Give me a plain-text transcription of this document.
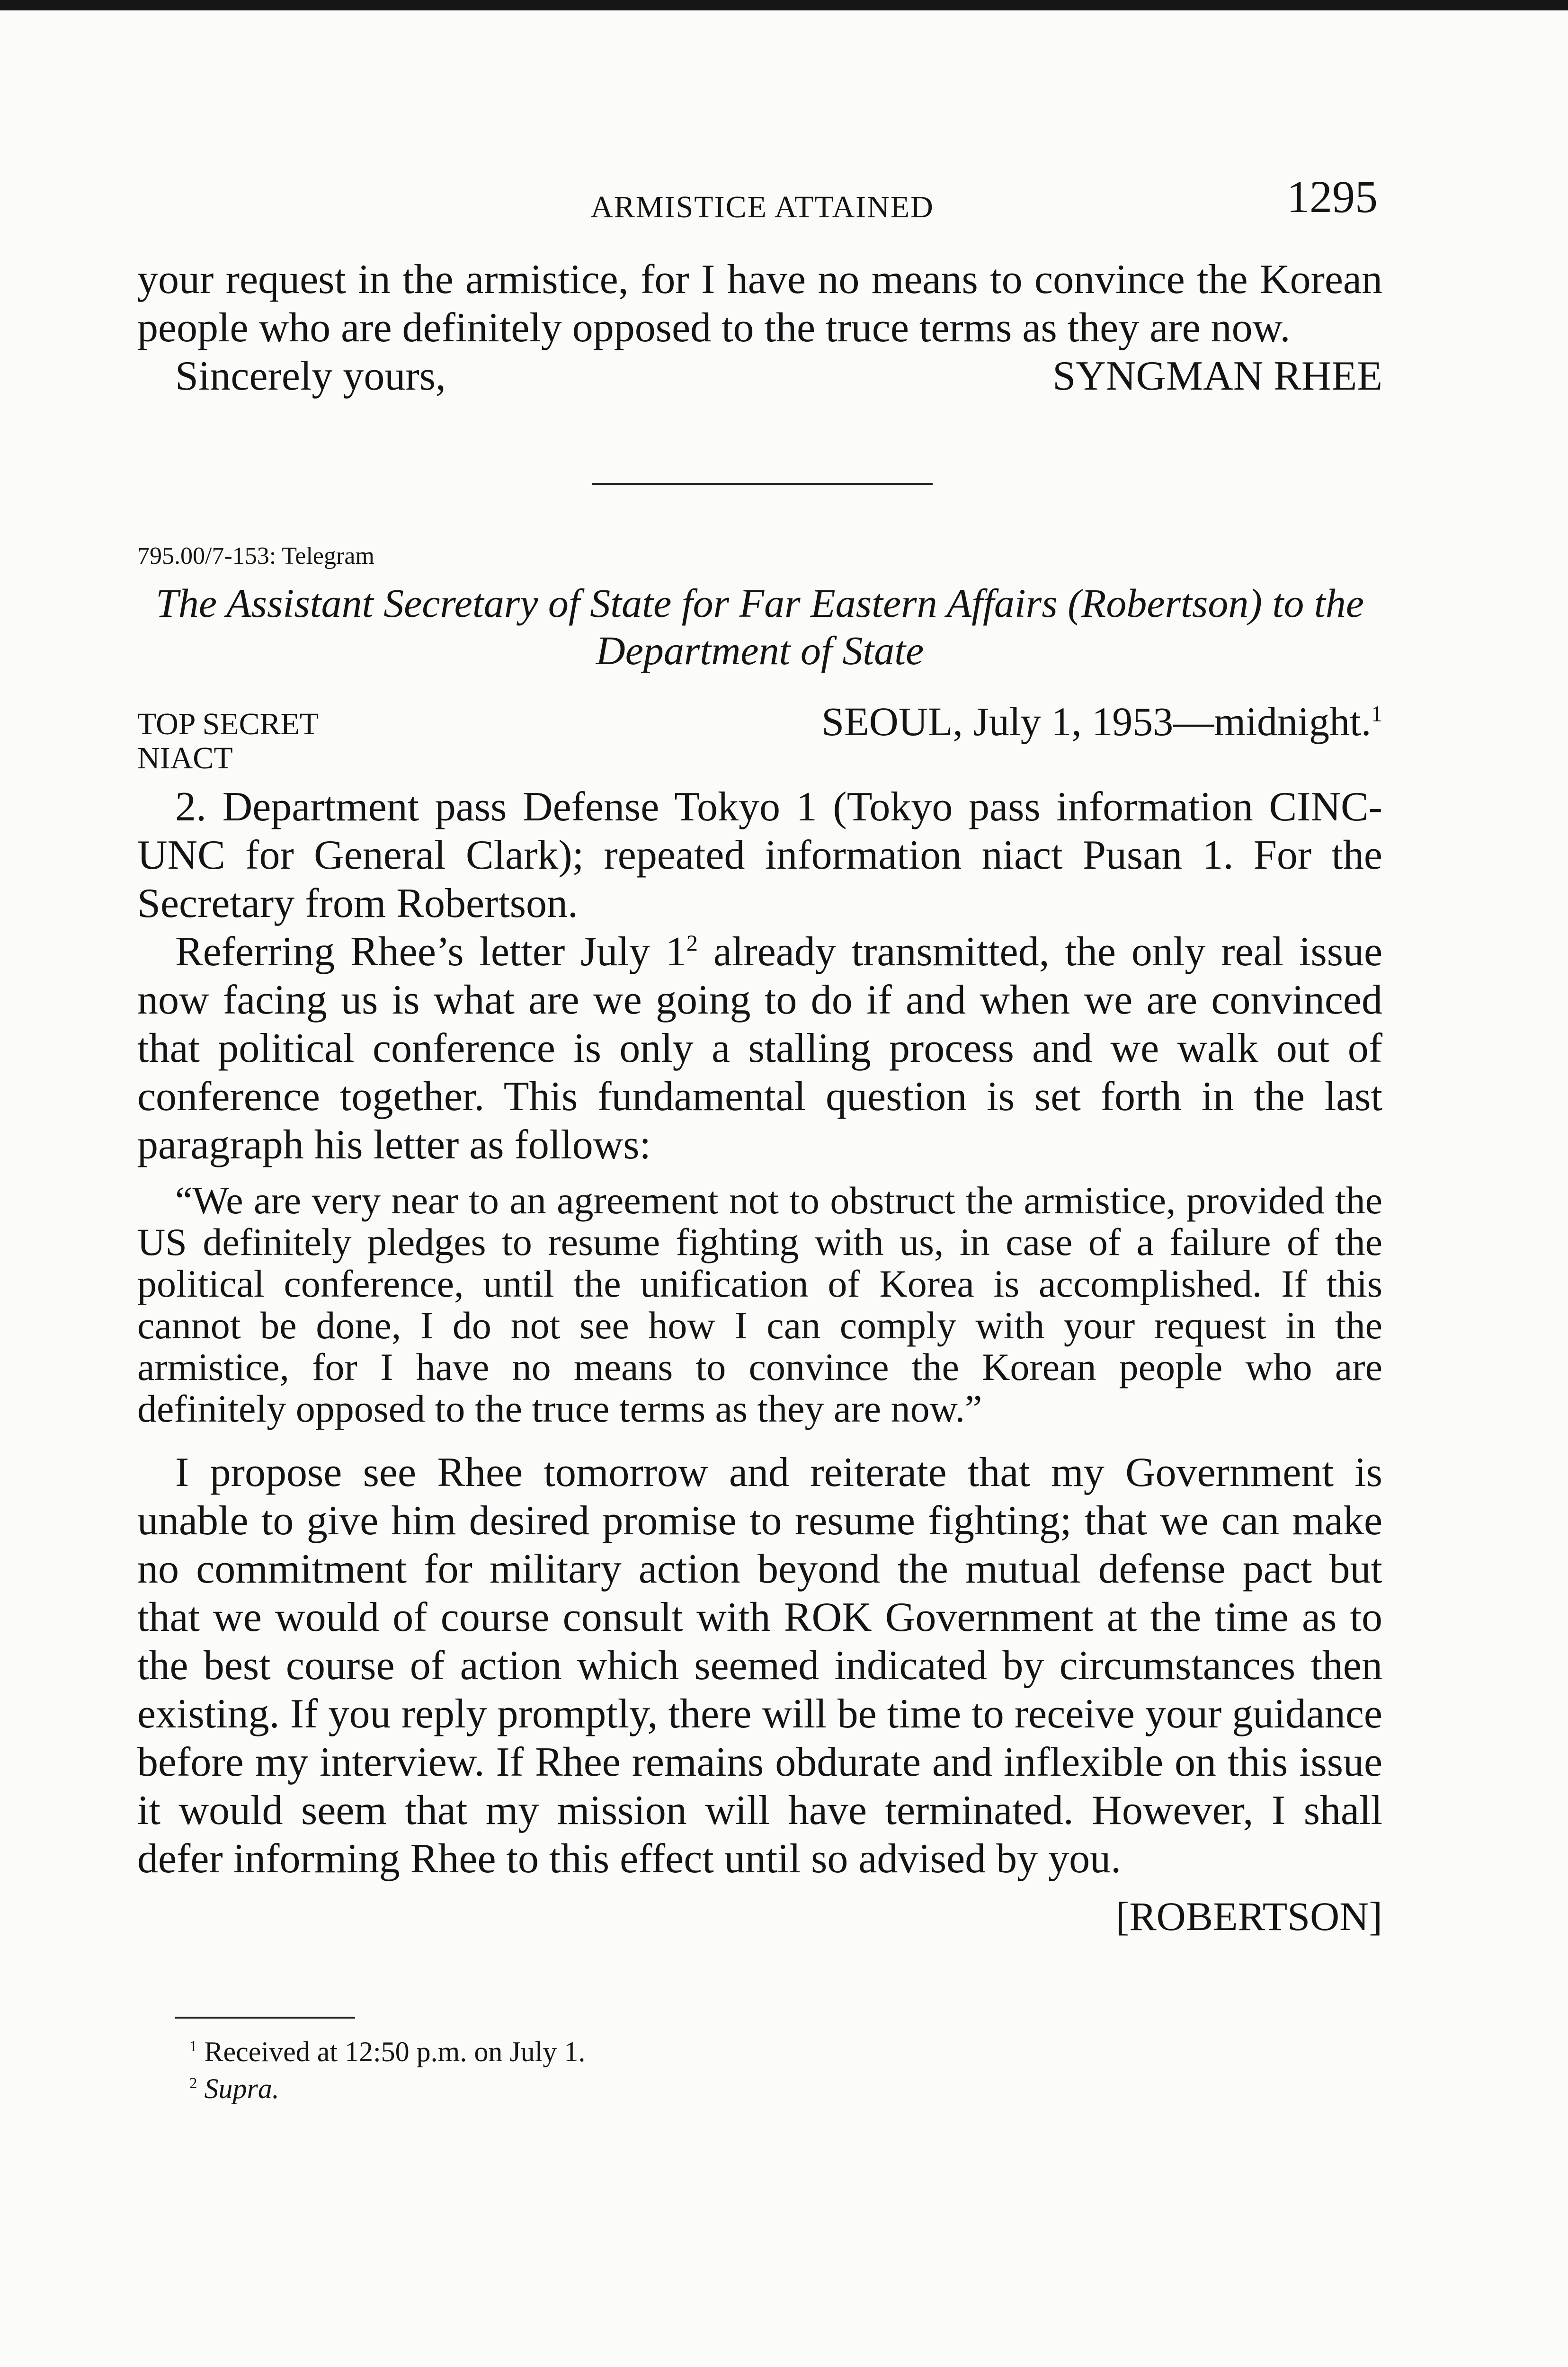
ARMISTICE ATTAINED	1295

your request in the armistice, for I have no means to convince the Korean people who are definitely opposed to the truce terms as they are now.

Sincerely yours,	SYNGMAN RHEE

795.00/7-153: Telegram

The Assistant Secretary of State for Far Eastern Affairs (Robertson) to the

Department of State

TOP SECRET	SEOUL, July 1, 1953—midnight.$^1$

NIACT

2. Department pass Defense Tokyo 1 (Tokyo pass information CINC-UNC for General Clark); repeated information niact Pusan 1. For the Secretary from Robertson.

Referring Rhee’s letter July $1^2$ already transmitted, the only real issue now facing us is what are we going to do if and when we are convinced that political conference is only a stalling process and we walk out of conference together. This fundamental question is set forth in the last paragraph his letter as follows:

“We are very near to an agreement not to obstruct the armistice, provided the US definitely pledges to resume fighting with us, in case of a failure of the political conference, until the unification of Korea is accomplished. If this cannot be done, I do not see how I can comply with your request in the armistice, for I have no means to convince the Korean people who are definitely opposed to the truce terms as they are now.”

I propose see Rhee tomorrow and reiterate that my Government is unable to give him desired promise to resume fighting; that we can make no commitment for military action beyond the mutual defense pact but that we would of course consult with ROK Government at the time as to the best course of action which seemed indicated by circumstances then existing. If you reply promptly, there will be time to receive your guidance before my interview. If Rhee remains obdurate and inflexible on this issue it would seem that my mission will have terminated. However, I shall defer informing Rhee to this effect until so advised by you.

[ROBERTSON]

$^1$ Received at 12:50 p.m. on July 1.

$^2$ Supra.
